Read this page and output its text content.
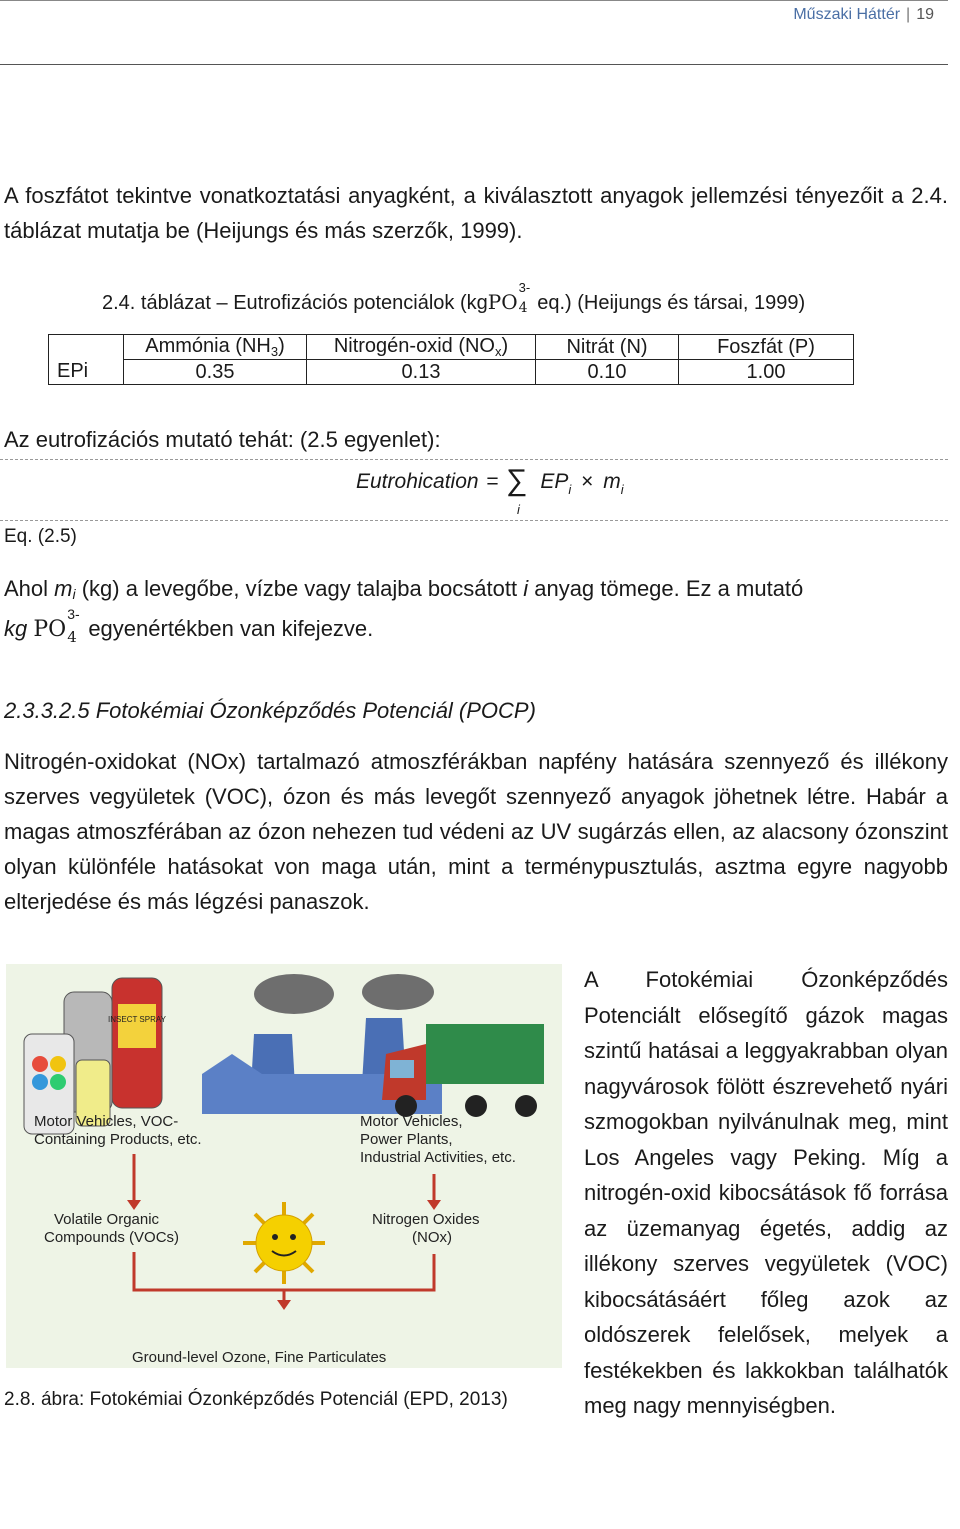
Műszaki Háttér | 19
A foszfátot tekintve vonatkoztatási anyagként, a kiválasztott anyagok jellemzési tényezőit a 2.4. táblázat mutatja be (Heijungs és más szerzők, 1999).
2.4. táblázat – Eutrofizációs potenciálok (kgPO
3-
4 eq.) (Heijungs és társai, 1999)
	Ammónia $(NH_3)$	Nitrogén-oxid $(NO_x)$	Nitrát (N)	Foszfát (P)
EPi	0.35	0.13	0.10	1.00
Az eutrofizációs mutató tehát: (2.5 egyenlet):
Eutrohication = $EP_i \times m_i$
∑
i
Eq. (2.5)
Ahol mi (kg) a levegőbe, vízbe vagy talajba bocsátott i anyag tömege. Ez a mutató
kg PO
3-
4 egyenértékben van kifejezve.
2.3.3.2.5 Fotokémiai Ózonképződés Potenciál (POCP)
Nitrogén-oxidokat (NOx) tartalmazó atmoszférákban napfény hatására szennyező és illékony szerves vegyületek (VOC), ózon és más levegőt szennyező anyagok jöhetnek létre. Habár a magas atmoszférában az ózon nehezen tud védeni az UV sugárzás ellen, az alacsony ózonszint olyan különféle hatásokat von maga után, mint a terménypusztulás, asztma egyre nagyobb elterjedése és más légzési panaszok.
INSECT SPRAY
Motor Vehicles, VOC-
Containing Products, etc.
Motor Vehicles,
Power Plants,
Industrial Activities, etc.
Volatile Organic
Compounds (VOCs)
Nitrogen Oxides
(NOx)
Ground-level Ozone, Fine Particulates
2.8. ábra: Fotokémiai Ózonképződés Potenciál (EPD, 2013)
A Fotokémiai Ózonképződés Potenciált elősegítő gázok magas szintű hatásai a leggyakrabban olyan nagyvárosok fölött észrevehető nyári szmogokban nyilvánulnak meg, mint Los Angeles vagy Peking. Míg a nitrogén-oxid kibocsátások fő forrása az üzemanyag égetés, addig az illékony szerves vegyületek (VOC) kibocsátásáért főleg azok az oldószerek felelősek, melyek a festékekben és lakkokban találhatók meg nagy mennyiségben.
